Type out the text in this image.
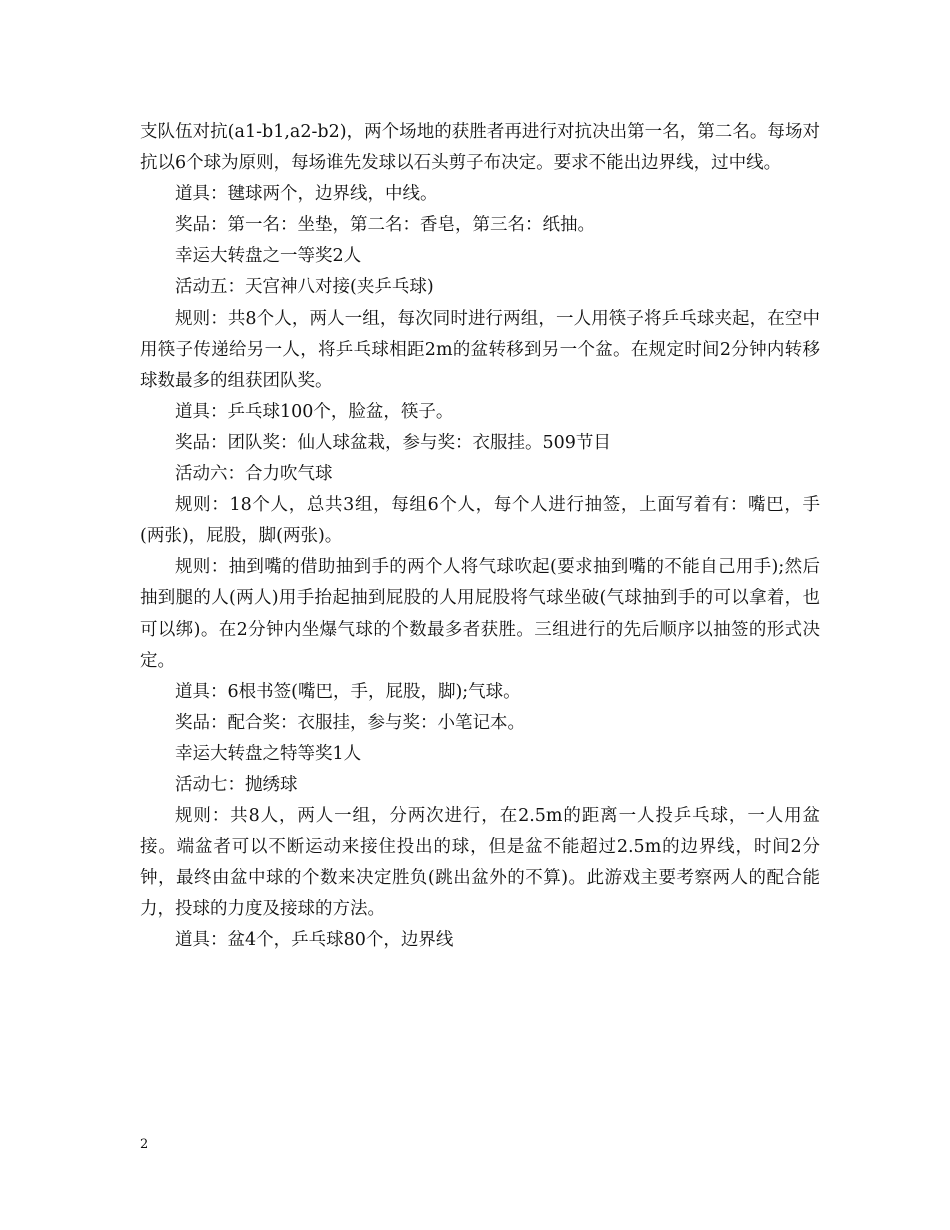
支队伍对抗(a1-b1,a2-b2)，两个场地的获胜者再进行对抗决出第一名，第二名。每场对抗以6个球为原则，每场谁先发球以石头剪子布决定。要求不能出边界线，过中线。

道具：毽球两个，边界线，中线。

奖品：第一名：坐垫，第二名：香皂，第三名：纸抽。

幸运大转盘之一等奖2人

活动五：天宫神八对接(夹乒乓球)

规则：共8个人，两人一组，每次同时进行两组，一人用筷子将乒乓球夹起，在空中用筷子传递给另一人，将乒乓球相距2m的盆转移到另一个盆。在规定时间2分钟内转移球数最多的组获团队奖。

道具：乒乓球100个，脸盆，筷子。

奖品：团队奖：仙人球盆栽，参与奖：衣服挂。509节目

活动六：合力吹气球

规则：18个人，总共3组，每组6个人，每个人进行抽签，上面写着有：嘴巴，手(两张)，屁股，脚(两张)。

规则：抽到嘴的借助抽到手的两个人将气球吹起(要求抽到嘴的不能自己用手);然后抽到腿的人(两人)用手抬起抽到屁股的人用屁股将气球坐破(气球抽到手的可以拿着，也可以绑)。在2分钟内坐爆气球的个数最多者获胜。三组进行的先后顺序以抽签的形式决定。

道具：6根书签(嘴巴，手，屁股，脚);气球。

奖品：配合奖：衣服挂，参与奖：小笔记本。

幸运大转盘之特等奖1人

活动七：抛绣球

规则：共8人，两人一组，分两次进行，在2.5m的距离一人投乒乓球，一人用盆接。端盆者可以不断运动来接住投出的球，但是盆不能超过2.5m的边界线，时间2分钟，最终由盆中球的个数来决定胜负(跳出盆外的不算)。此游戏主要考察两人的配合能力，投球的力度及接球的方法。

道具：盆4个，乒乓球80个，边界线

2
